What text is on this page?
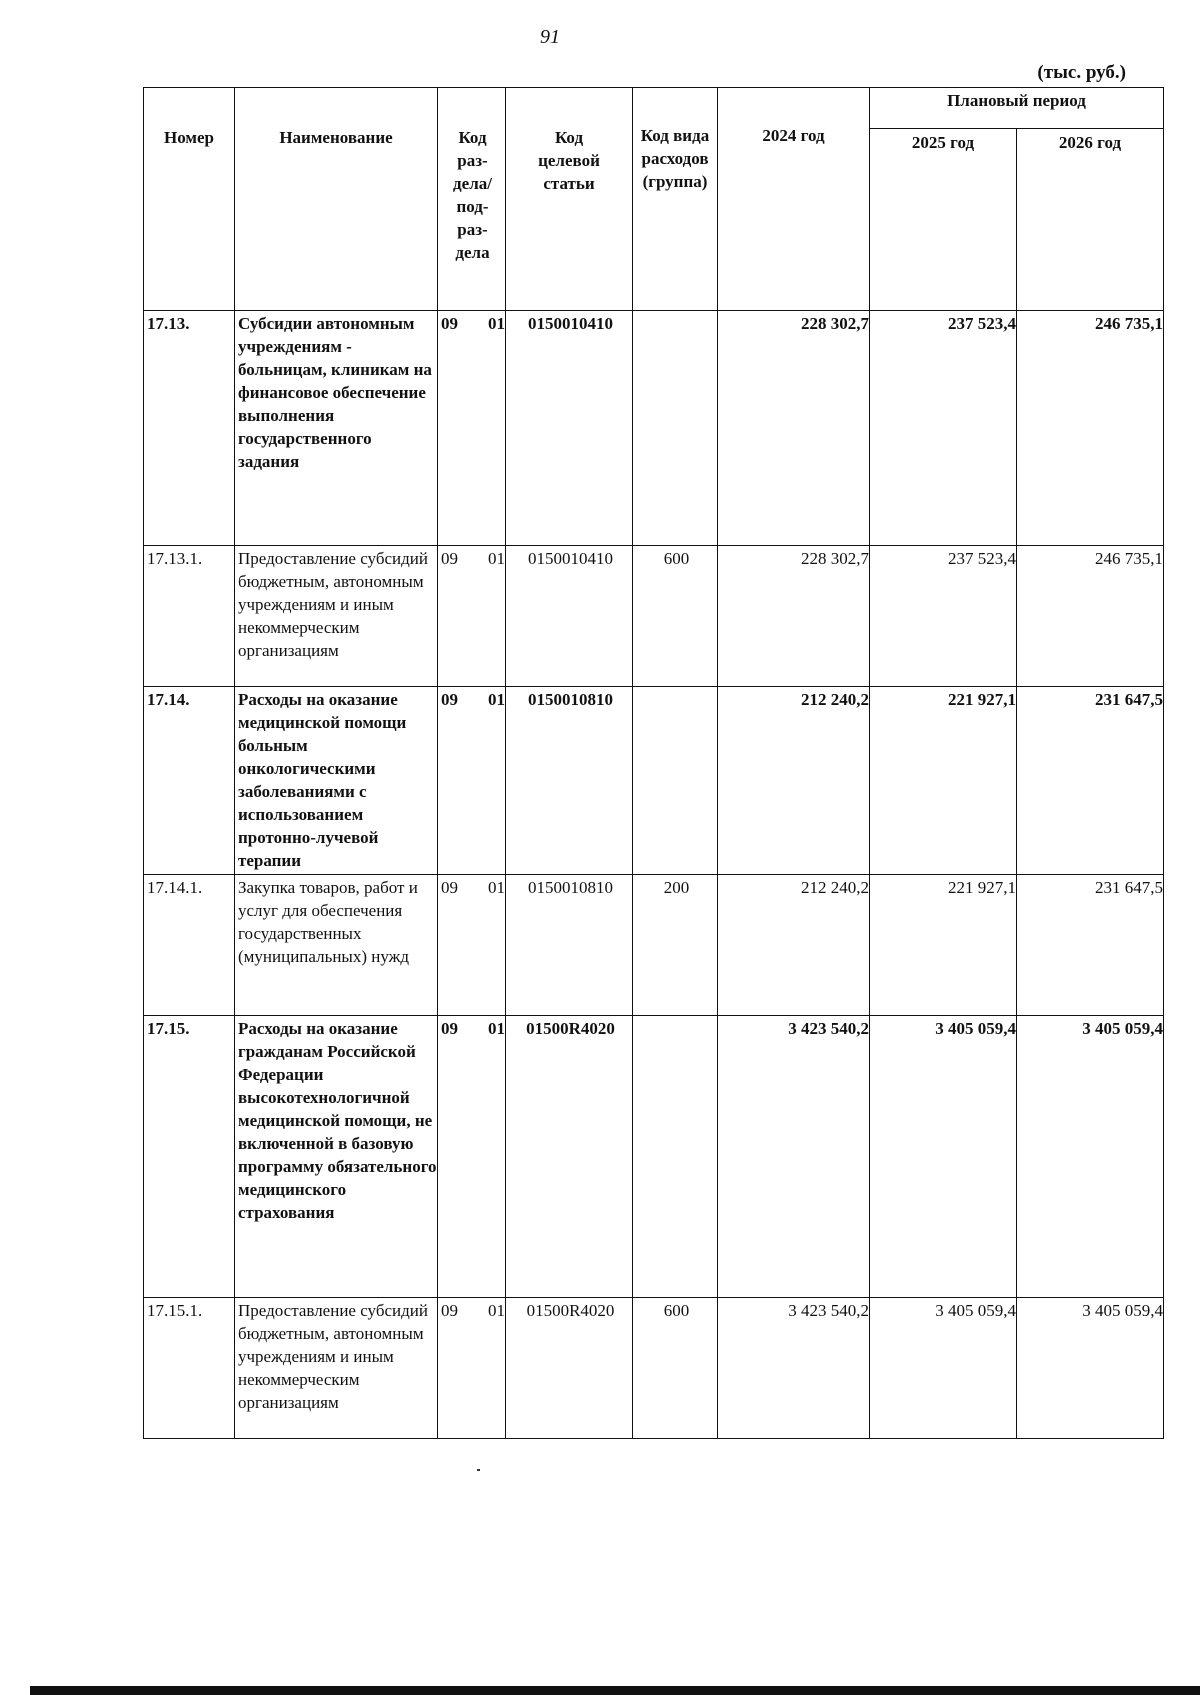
91
(тыс. руб.)
Номер	Наименование	Код раз-дела/ под-раз-дела	Код целевой статьи	Код вида расходов (группа)	2024 год	Плановый период	
						2025 год	2026 год
17.13.	Субсидии автономным учреждениям - больницам, клиникам на финансовое обеспечение выполнения государственного задания	09 01	0150010410		228 302,7	237 523,4	246 735,1
17.13.1.	Предоставление субсидий бюджетным, автономным учреждениям и иным некоммерческим организациям	09 01	0150010410	600	228 302,7	237 523,4	246 735,1
17.14.	Расходы на оказание медицинской помощи больным онкологическими заболеваниями с использованием протонно-лучевой терапии	09 01	0150010810		212 240,2	221 927,1	231 647,5
17.14.1.	Закупка товаров, работ и услуг для обеспечения государственных (муниципальных) нужд	09 01	0150010810	200	212 240,2	221 927,1	231 647,5
17.15.	Расходы на оказание гражданам Российской Федерации высокотехнологичной медицинской помощи, не включенной в базовую программу обязательного медицинского страхования	09 01	01500R4020		3 423 540,2	3 405 059,4	3 405 059,4
17.15.1.	Предоставление субсидий бюджетным, автономным учреждениям и иным некоммерческим организациям	09 01	01500R4020	600	3 423 540,2	3 405 059,4	3 405 059,4
